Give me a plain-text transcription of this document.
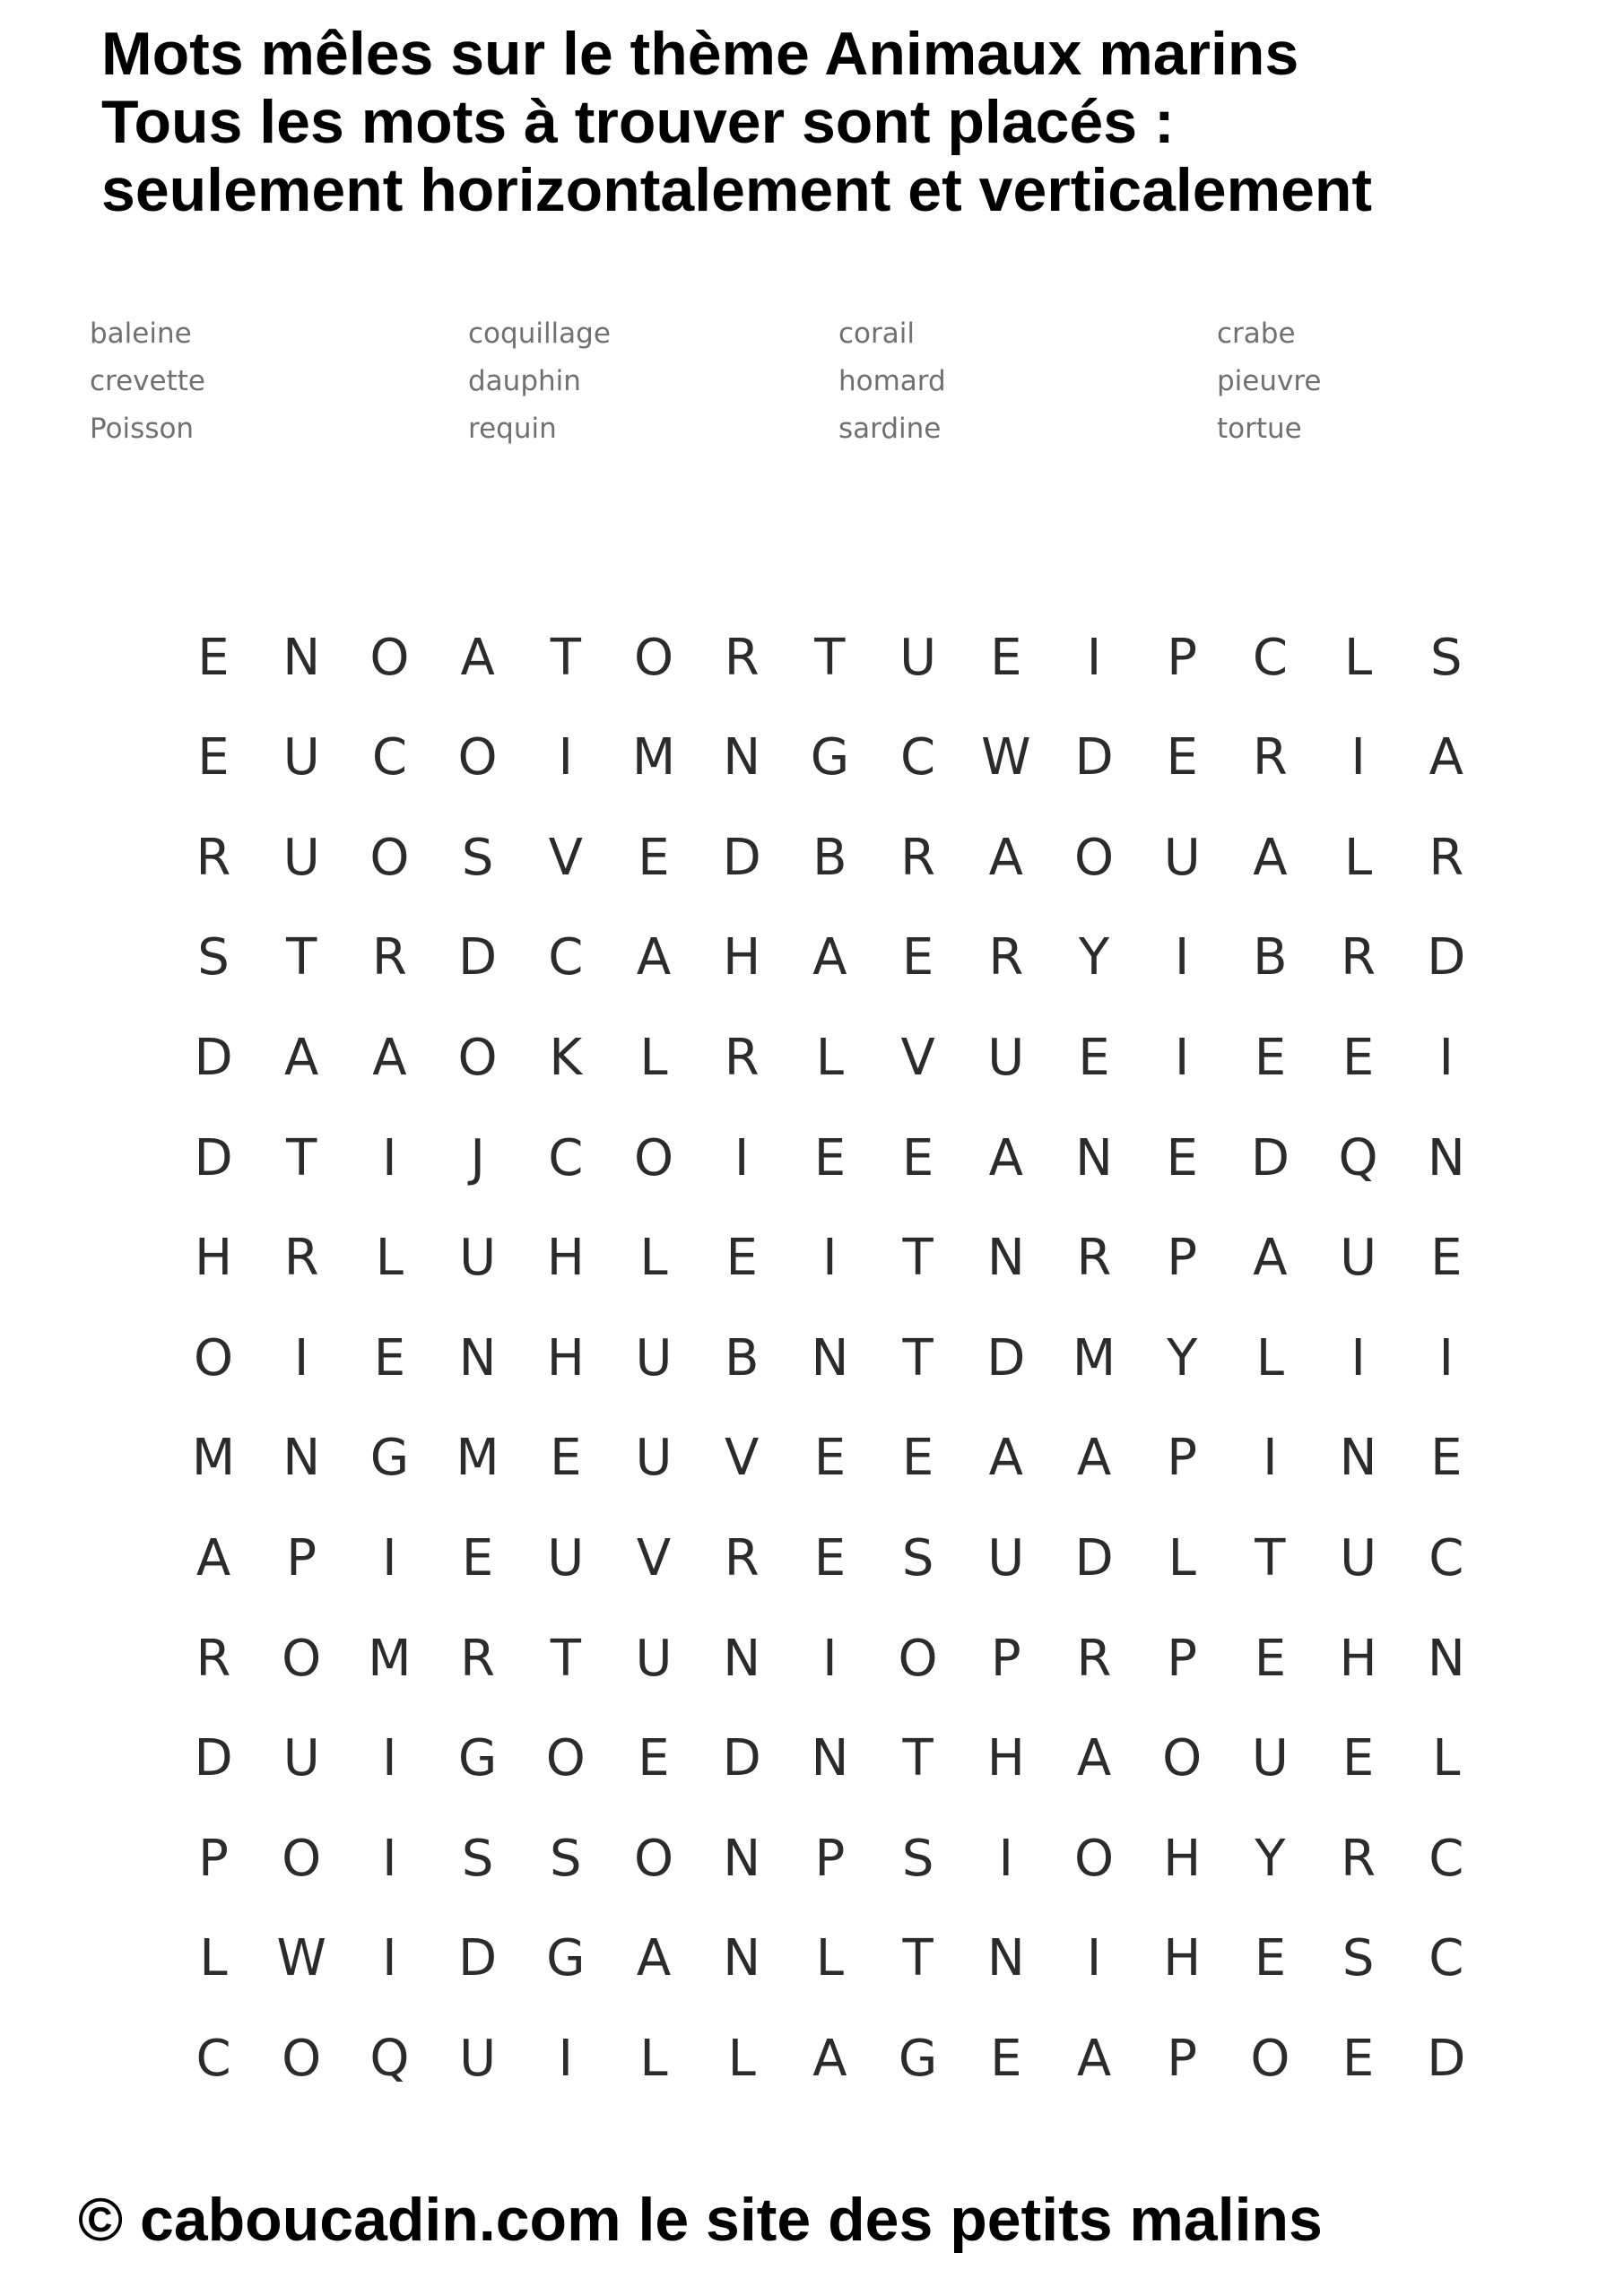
Mots mêles sur le thème Animaux marins
Tous les mots à trouver sont placés :
seulement horizontalement et verticalement
baleine
crevette
Poisson
coquillage
dauphin
requin
corail
homard
sardine
crabe
pieuvre
tortue
E	N O	A	T	O	R	T	U	E	I	P	C	L	S
E	U	C	O	I	M N G	C W D	E	R	I	A
R	U O	S	V	E	D	B	R	A	O U	A	L	R
S	T	R	D	C	A	H	A	E	R	Y	I	B	R	D
D	A	A	O	K	L	R	L	V	U	E	I	E	E	I
D	T	I	J	C	O	I	E	E	A	N	E	D Q N
H	R	L	U	H	L	E	I	T	N	R	P	A	U	E
O	I	E	N	H	U	B	N	T	D M	Y	L	I	I
M N G M	E	U	V	E	E	A	A	P	I	N	E
A	P	I	E	U	V	R	E	S	U	D	L	T	U	C
R	O M R	T	U	N	I	O	P	R	P	E	H	N
D	U	I	G O	E	D N	T	H	A	O U	E	L
P	O	I	S	S	O N	P	S	I	O H	Y	R	C
L W	I	D G	A	N	L	T	N	I	H	E	S	C
C	O Q U	I	L	L	A	G	E	A	P	O	E	D

© caboucadin.com le site des petits malins
